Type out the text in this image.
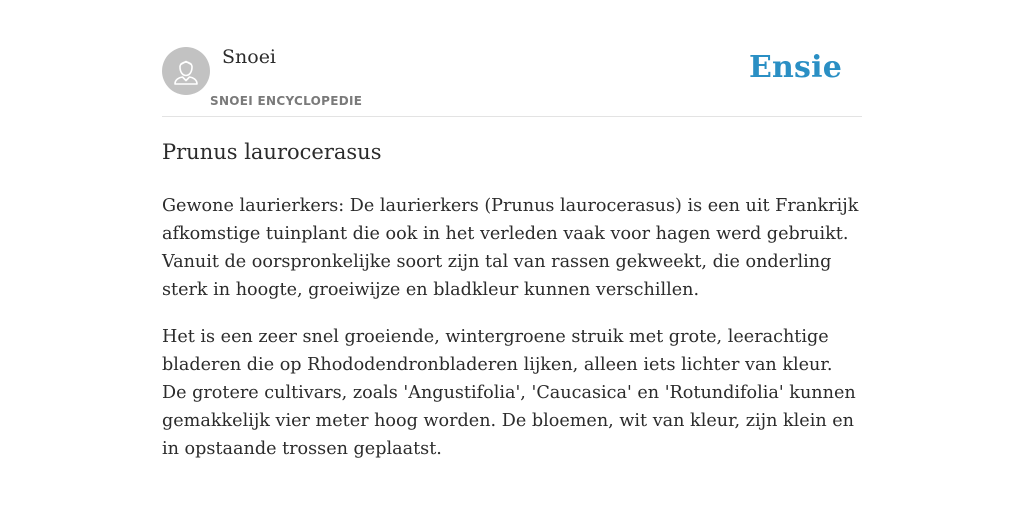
Snoei
SNOEI ENCYCLOPEDIE
Ensie
Prunus laurocerasus

Gewone laurierkers: De laurierkers (Prunus laurocerasus) is een uit Frankrijk afkomstige tuinplant die ook in het verleden vaak voor hagen werd gebruikt. Vanuit de oorspronkelijke soort zijn tal van rassen gekweekt, die onderling sterk in hoogte, groeiwijze en bladkleur kunnen verschillen.

Het is een zeer snel groeiende, wintergroene struik met grote, leerachtige bladeren die op Rhododendronbladeren lijken, alleen iets lichter van kleur. De grotere cultivars, zoals 'Angustifolia', 'Caucasica' en 'Rotundifolia' kunnen gemakkelijk vier meter hoog worden. De bloemen, wit van kleur, zijn klein en in opstaande trossen geplaatst.
